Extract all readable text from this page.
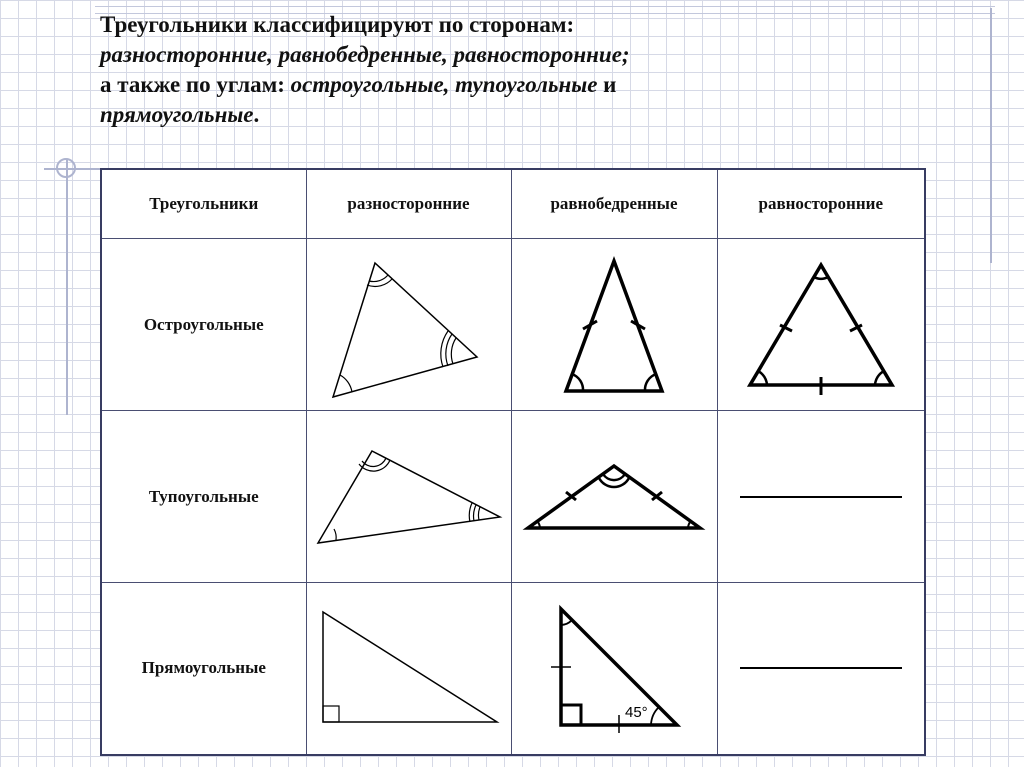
Треугольники классифицируют по сторонам:

разносторонние, равнобедренные, равносторонние;

а также по углам: остроугольные, тупоугольные и

прямоугольные.

Треугольники	разносторонние	равнобедренные	равносторонние
Остроугольные	

Тупоугольные	

Прямоугольные		45°	
